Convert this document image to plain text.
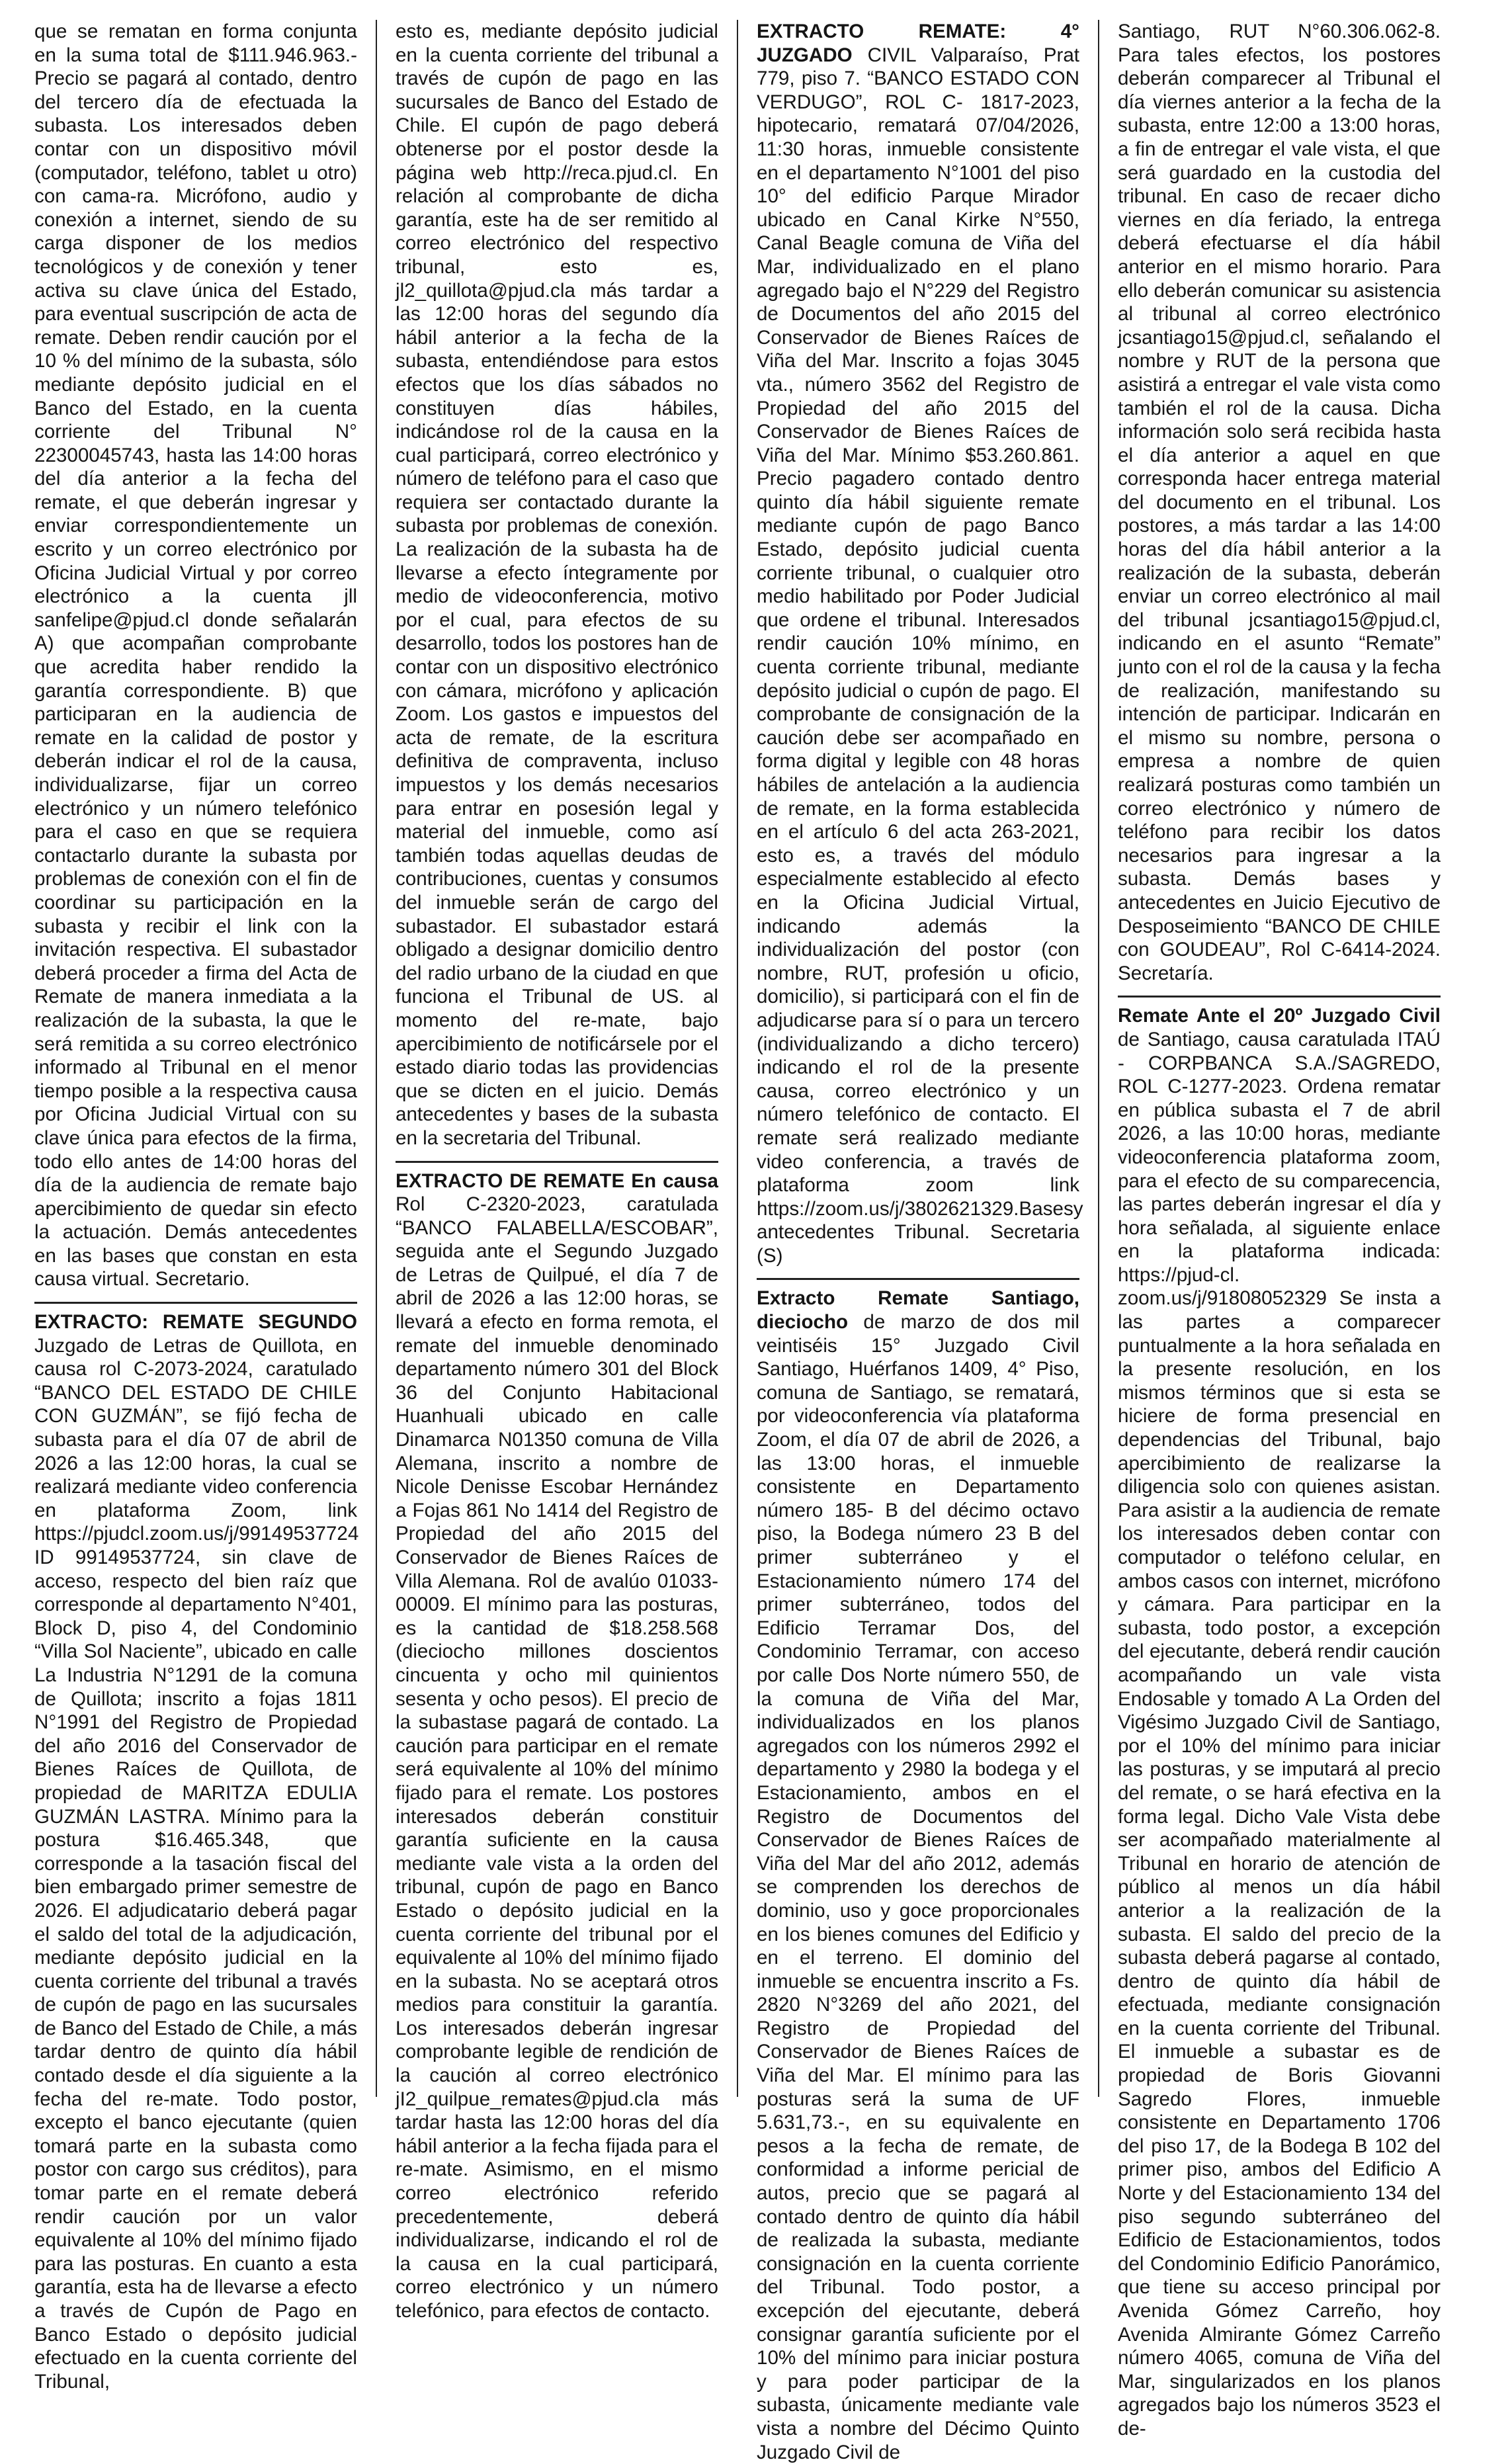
que se rematan en forma conjunta en la suma total de $111.946.963.- Precio se pagará al contado, dentro del tercero día de efectuada la subasta. Los interesados deben contar con un dispositivo móvil (computador, teléfono, tablet u otro) con cama-ra. Micrófono, audio y conexión a internet, siendo de su carga disponer de los medios tecnológicos y de conexión y tener activa su clave única del Estado, para eventual suscripción de acta de remate. Deben rendir caución por el 10 % del mínimo de la subasta, sólo mediante depósito judicial en el Banco del Estado, en la cuenta corriente del Tribunal N° 22300045743, hasta las 14:00 horas del día anterior a la fecha del remate, el que deberán ingresar y enviar correspondientemente un escrito y un correo electrónico por Oficina Judicial Virtual y por correo electrónico a la cuenta jll sanfelipe@pjud.cl donde señalarán A) que acompañan comprobante que acredita haber rendido la garantía correspondiente. B) que participaran en la audiencia de remate en la calidad de postor y deberán indicar el rol de la causa, individualizarse, fijar un correo electrónico y un número telefónico para el caso en que se requiera contactarlo durante la subasta por problemas de conexión con el fin de coordinar su participación en la subasta y recibir el link con la invitación respectiva. El subastador deberá proceder a firma del Acta de Remate de manera inmediata a la realización de la subasta, la que le será remitida a su correo electrónico informado al Tribunal en el menor tiempo posible a la respectiva causa por Oficina Judicial Virtual con su clave única para efectos de la firma, todo ello antes de 14:00 horas del día de la audiencia de remate bajo apercibimiento de quedar sin efecto la actuación. Demás antecedentes en las bases que constan en esta causa virtual. Secretario.

EXTRACTO: REMATE SEGUNDO Juzgado de Letras de Quillota, en causa rol C-2073-2024, caratulado “BANCO DEL ESTADO DE CHILE CON GUZMÁN”, se fijó fecha de subasta para el día 07 de abril de 2026 a las 12:00 horas, la cual se realizará mediante video conferencia en plataforma Zoom, link https://pjudcl.zoom.us/j/99149537724 ID 99149537724, sin clave de acceso, respecto del bien raíz que corresponde al departamento N°401, Block D, piso 4, del Condominio “Villa Sol Naciente”, ubicado en calle La Industria N°1291 de la comuna de Quillota; inscrito a fojas 1811 N°1991 del Registro de Propiedad del año 2016 del Conservador de Bienes Raíces de Quillota, de propiedad de MARITZA EDULIA GUZMÁN LASTRA. Mínimo para la postura $16.465.348, que corresponde a la tasación fiscal del bien embargado primer semestre de 2026. El adjudicatario deberá pagar el saldo del total de la adjudicación, mediante depósito judicial en la cuenta corriente del tribunal a través de cupón de pago en las sucursales de Banco del Estado de Chile, a más tardar dentro de quinto día hábil contado desde el día siguiente a la fecha del re-mate. Todo postor, excepto el banco ejecutante (quien tomará parte en la subasta como postor con cargo sus créditos), para tomar parte en el remate deberá rendir caución por un valor equivalente al 10% del mínimo fijado para las posturas. En cuanto a esta garantía, esta ha de llevarse a efecto a través de Cupón de Pago en Banco Estado o depósito judicial efectuado en la cuenta corriente del Tribunal,

esto es, mediante depósito judicial en la cuenta corriente del tribunal a través de cupón de pago en las sucursales de Banco del Estado de Chile. El cupón de pago deberá obtenerse por el postor desde la página web http://reca.pjud.cl. En relación al comprobante de dicha garantía, este ha de ser remitido al correo electrónico del respectivo tribunal, esto es, jl2_quillota@pjud.cla más tardar a las 12:00 horas del segundo día hábil anterior a la fecha de la subasta, entendiéndose para estos efectos que los días sábados no constituyen días hábiles, indicándose rol de la causa en la cual participará, correo electrónico y número de teléfono para el caso que requiera ser contactado durante la subasta por problemas de conexión. La realización de la subasta ha de llevarse a efecto íntegramente por medio de videoconferencia, motivo por el cual, para efectos de su desarrollo, todos los postores han de contar con un dispositivo electrónico con cámara, micrófono y aplicación Zoom. Los gastos e impuestos del acta de remate, de la escritura definitiva de compraventa, incluso impuestos y los demás necesarios para entrar en posesión legal y material del inmueble, como así también todas aquellas deudas de contribuciones, cuentas y consumos del inmueble serán de cargo del subastador. El subastador estará obligado a designar domicilio dentro del radio urbano de la ciudad en que funciona el Tribunal de US. al momento del re-mate, bajo apercibimiento de notificársele por el estado diario todas las providencias que se dicten en el juicio. Demás antecedentes y bases de la subasta en la secretaria del Tribunal.

EXTRACTO DE REMATE En causa Rol C-2320-2023, caratulada “BANCO FALABELLA/ESCOBAR”, seguida ante el Segundo Juzgado de Letras de Quilpué, el día 7 de abril de 2026 a las 12:00 horas, se llevará a efecto en forma remota, el remate del inmueble denominado departamento número 301 del Block 36 del Conjunto Habitacional Huanhuali ubicado en calle Dinamarca N01350 comuna de Villa Alemana, inscrito a nombre de Nicole Denisse Escobar Hernández a Fojas 861 No 1414 del Registro de Propiedad del año 2015 del Conservador de Bienes Raíces de Villa Alemana. Rol de avalúo 01033-00009. El mínimo para las posturas, es la cantidad de $18.258.568 (dieciocho millones doscientos cincuenta y ocho mil quinientos sesenta y ocho pesos). El precio de la subastase pagará de contado. La caución para participar en el remate será equivalente al 10% del mínimo fijado para el remate. Los postores interesados deberán constituir garantía suficiente en la causa mediante vale vista a la orden del tribunal, cupón de pago en Banco Estado o depósito judicial en la cuenta corriente del tribunal por el equivalente al 10% del mínimo fijado en la subasta. No se aceptará otros medios para constituir la garantía. Los interesados deberán ingresar comprobante legible de rendición de la caución al correo electrónico jI2_quilpue_remates@pjud.cla más tardar hasta las 12:00 horas del día hábil anterior a la fecha fijada para el re-mate. Asimismo, en el mismo correo electrónico referido precedentemente, deberá individualizarse, indicando el rol de la causa en la cual participará, correo electrónico y un número telefónico, para efectos de contacto.

EXTRACTO REMATE: 4° JUZGADO CIVIL Valparaíso, Prat 779, piso 7. “BANCO ESTADO CON VERDUGO”, ROL C- 1817-2023, hipotecario, rematará 07/04/2026, 11:30 horas, inmueble consistente en el departamento N°1001 del piso 10° del edificio Parque Mirador ubicado en Canal Kirke N°550, Canal Beagle comuna de Viña del Mar, individualizado en el plano agregado bajo el N°229 del Registro de Documentos del año 2015 del Conservador de Bienes Raíces de Viña del Mar. Inscrito a fojas 3045 vta., número 3562 del Registro de Propiedad del año 2015 del Conservador de Bienes Raíces de Viña del Mar. Mínimo $53.260.861. Precio pagadero contado dentro quinto día hábil siguiente remate mediante cupón de pago Banco Estado, depósito judicial cuenta corriente tribunal, o cualquier otro medio habilitado por Poder Judicial que ordene el tribunal. Interesados rendir caución 10% mínimo, en cuenta corriente tribunal, mediante depósito judicial o cupón de pago. El comprobante de consignación de la caución debe ser acompañado en forma digital y legible con 48 horas hábiles de antelación a la audiencia de remate, en la forma establecida en el artículo 6 del acta 263-2021, esto es, a través del módulo especialmente establecido al efecto en la Oficina Judicial Virtual, indicando además la individualización del postor (con nombre, RUT, profesión u oficio, domicilio), si participará con el fin de adjudicarse para sí o para un tercero (individualizando a dicho tercero) indicando el rol de la presente causa, correo electrónico y un número telefónico de contacto. El remate será realizado mediante video conferencia, a través de plataforma zoom link https://zoom.us/j/3802621329.Basesy antecedentes Tribunal. Secretaria (S)

Extracto Remate Santiago, dieciocho de marzo de dos mil veintiséis 15° Juzgado Civil Santiago, Huérfanos 1409, 4° Piso, comuna de Santiago, se rematará, por videoconferencia vía plataforma Zoom, el día 07 de abril de 2026, a las 13:00 horas, el inmueble consistente en Departamento número 185- B del décimo octavo piso, la Bodega número 23 B del primer subterráneo y el Estacionamiento número 174 del primer subterráneo, todos del Edificio Terramar Dos, del Condominio Terramar, con acceso por calle Dos Norte número 550, de la comuna de Viña del Mar, individualizados en los planos agregados con los números 2992 el departamento y 2980 la bodega y el Estacionamiento, ambos en el Registro de Documentos del Conservador de Bienes Raíces de Viña del Mar del año 2012, además se comprenden los derechos de dominio, uso y goce proporcionales en los bienes comunes del Edificio y en el terreno. El dominio del inmueble se encuentra inscrito a Fs. 2820 N°3269 del año 2021, del Registro de Propiedad del Conservador de Bienes Raíces de Viña del Mar. El mínimo para las posturas será la suma de UF 5.631,73.-, en su equivalente en pesos a la fecha de remate, de conformidad a informe pericial de autos, precio que se pagará al contado dentro de quinto día hábil de realizada la subasta, mediante consignación en la cuenta corriente del Tribunal. Todo postor, a excepción del ejecutante, deberá consignar garantía suficiente por el 10% del mínimo para iniciar postura y para poder participar de la subasta, únicamente mediante vale vista a nombre del Décimo Quinto Juzgado Civil de

Santiago, RUT N°60.306.062-8. Para tales efectos, los postores deberán comparecer al Tribunal el día viernes anterior a la fecha de la subasta, entre 12:00 a 13:00 horas, a fin de entregar el vale vista, el que será guardado en la custodia del tribunal. En caso de recaer dicho viernes en día feriado, la entrega deberá efectuarse el día hábil anterior en el mismo horario. Para ello deberán comunicar su asistencia al tribunal al correo electrónico jcsantiago15@pjud.cl, señalando el nombre y RUT de la persona que asistirá a entregar el vale vista como también el rol de la causa. Dicha información solo será recibida hasta el día anterior a aquel en que corresponda hacer entrega material del documento en el tribunal. Los postores, a más tardar a las 14:00 horas del día hábil anterior a la realización de la subasta, deberán enviar un correo electrónico al mail del tribunal jcsantiago15@pjud.cl, indicando en el asunto “Remate” junto con el rol de la causa y la fecha de realización, manifestando su intención de participar. Indicarán en el mismo su nombre, persona o empresa a nombre de quien realizará posturas como también un correo electrónico y número de teléfono para recibir los datos necesarios para ingresar a la subasta. Demás bases y antecedentes en Juicio Ejecutivo de Desposeimiento “BANCO DE CHILE con GOUDEAU”, Rol C-6414-2024. Secretaría.

Remate Ante el 20º Juzgado Civil de Santiago, causa caratulada ITAÚ - CORPBANCA S.A./SAGREDO, ROL C-1277-2023. Ordena rematar en pública subasta el 7 de abril 2026, a las 10:00 horas, mediante videoconferencia plataforma zoom, para el efecto de su comparecencia, las partes deberán ingresar el día y hora señalada, al siguiente enlace en la plataforma indicada: https://pjud-cl. zoom.us/j/91808052329 Se insta a las partes a comparecer puntualmente a la hora señalada en la presente resolución, en los mismos términos que si esta se hiciere de forma presencial en dependencias del Tribunal, bajo apercibimiento de realizarse la diligencia solo con quienes asistan. Para asistir a la audiencia de remate los interesados deben contar con computador o teléfono celular, en ambos casos con internet, micrófono y cámara. Para participar en la subasta, todo postor, a excepción del ejecutante, deberá rendir caución acompañando un vale vista Endosable y tomado A La Orden del Vigésimo Juzgado Civil de Santiago, por el 10% del mínimo para iniciar las posturas, y se imputará al precio del remate, o se hará efectiva en la forma legal. Dicho Vale Vista debe ser acompañado materialmente al Tribunal en horario de atención de público al menos un día hábil anterior a la realización de la subasta. El saldo del precio de la subasta deberá pagarse al contado, dentro de quinto día hábil de efectuada, mediante consignación en la cuenta corriente del Tribunal. El inmueble a subastar es de propiedad de Boris Giovanni Sagredo Flores, inmueble consistente en Departamento 1706 del piso 17, de la Bodega B 102 del primer piso, ambos del Edificio A Norte y del Estacionamiento 134 del piso segundo subterráneo del Edificio de Estacionamientos, todos del Condominio Edificio Panorámico, que tiene su acceso principal por Avenida Gómez Carreño, hoy Avenida Almirante Gómez Carreño número 4065, comuna de Viña del Mar, singularizados en los planos agregados bajo los números 3523 el de-
